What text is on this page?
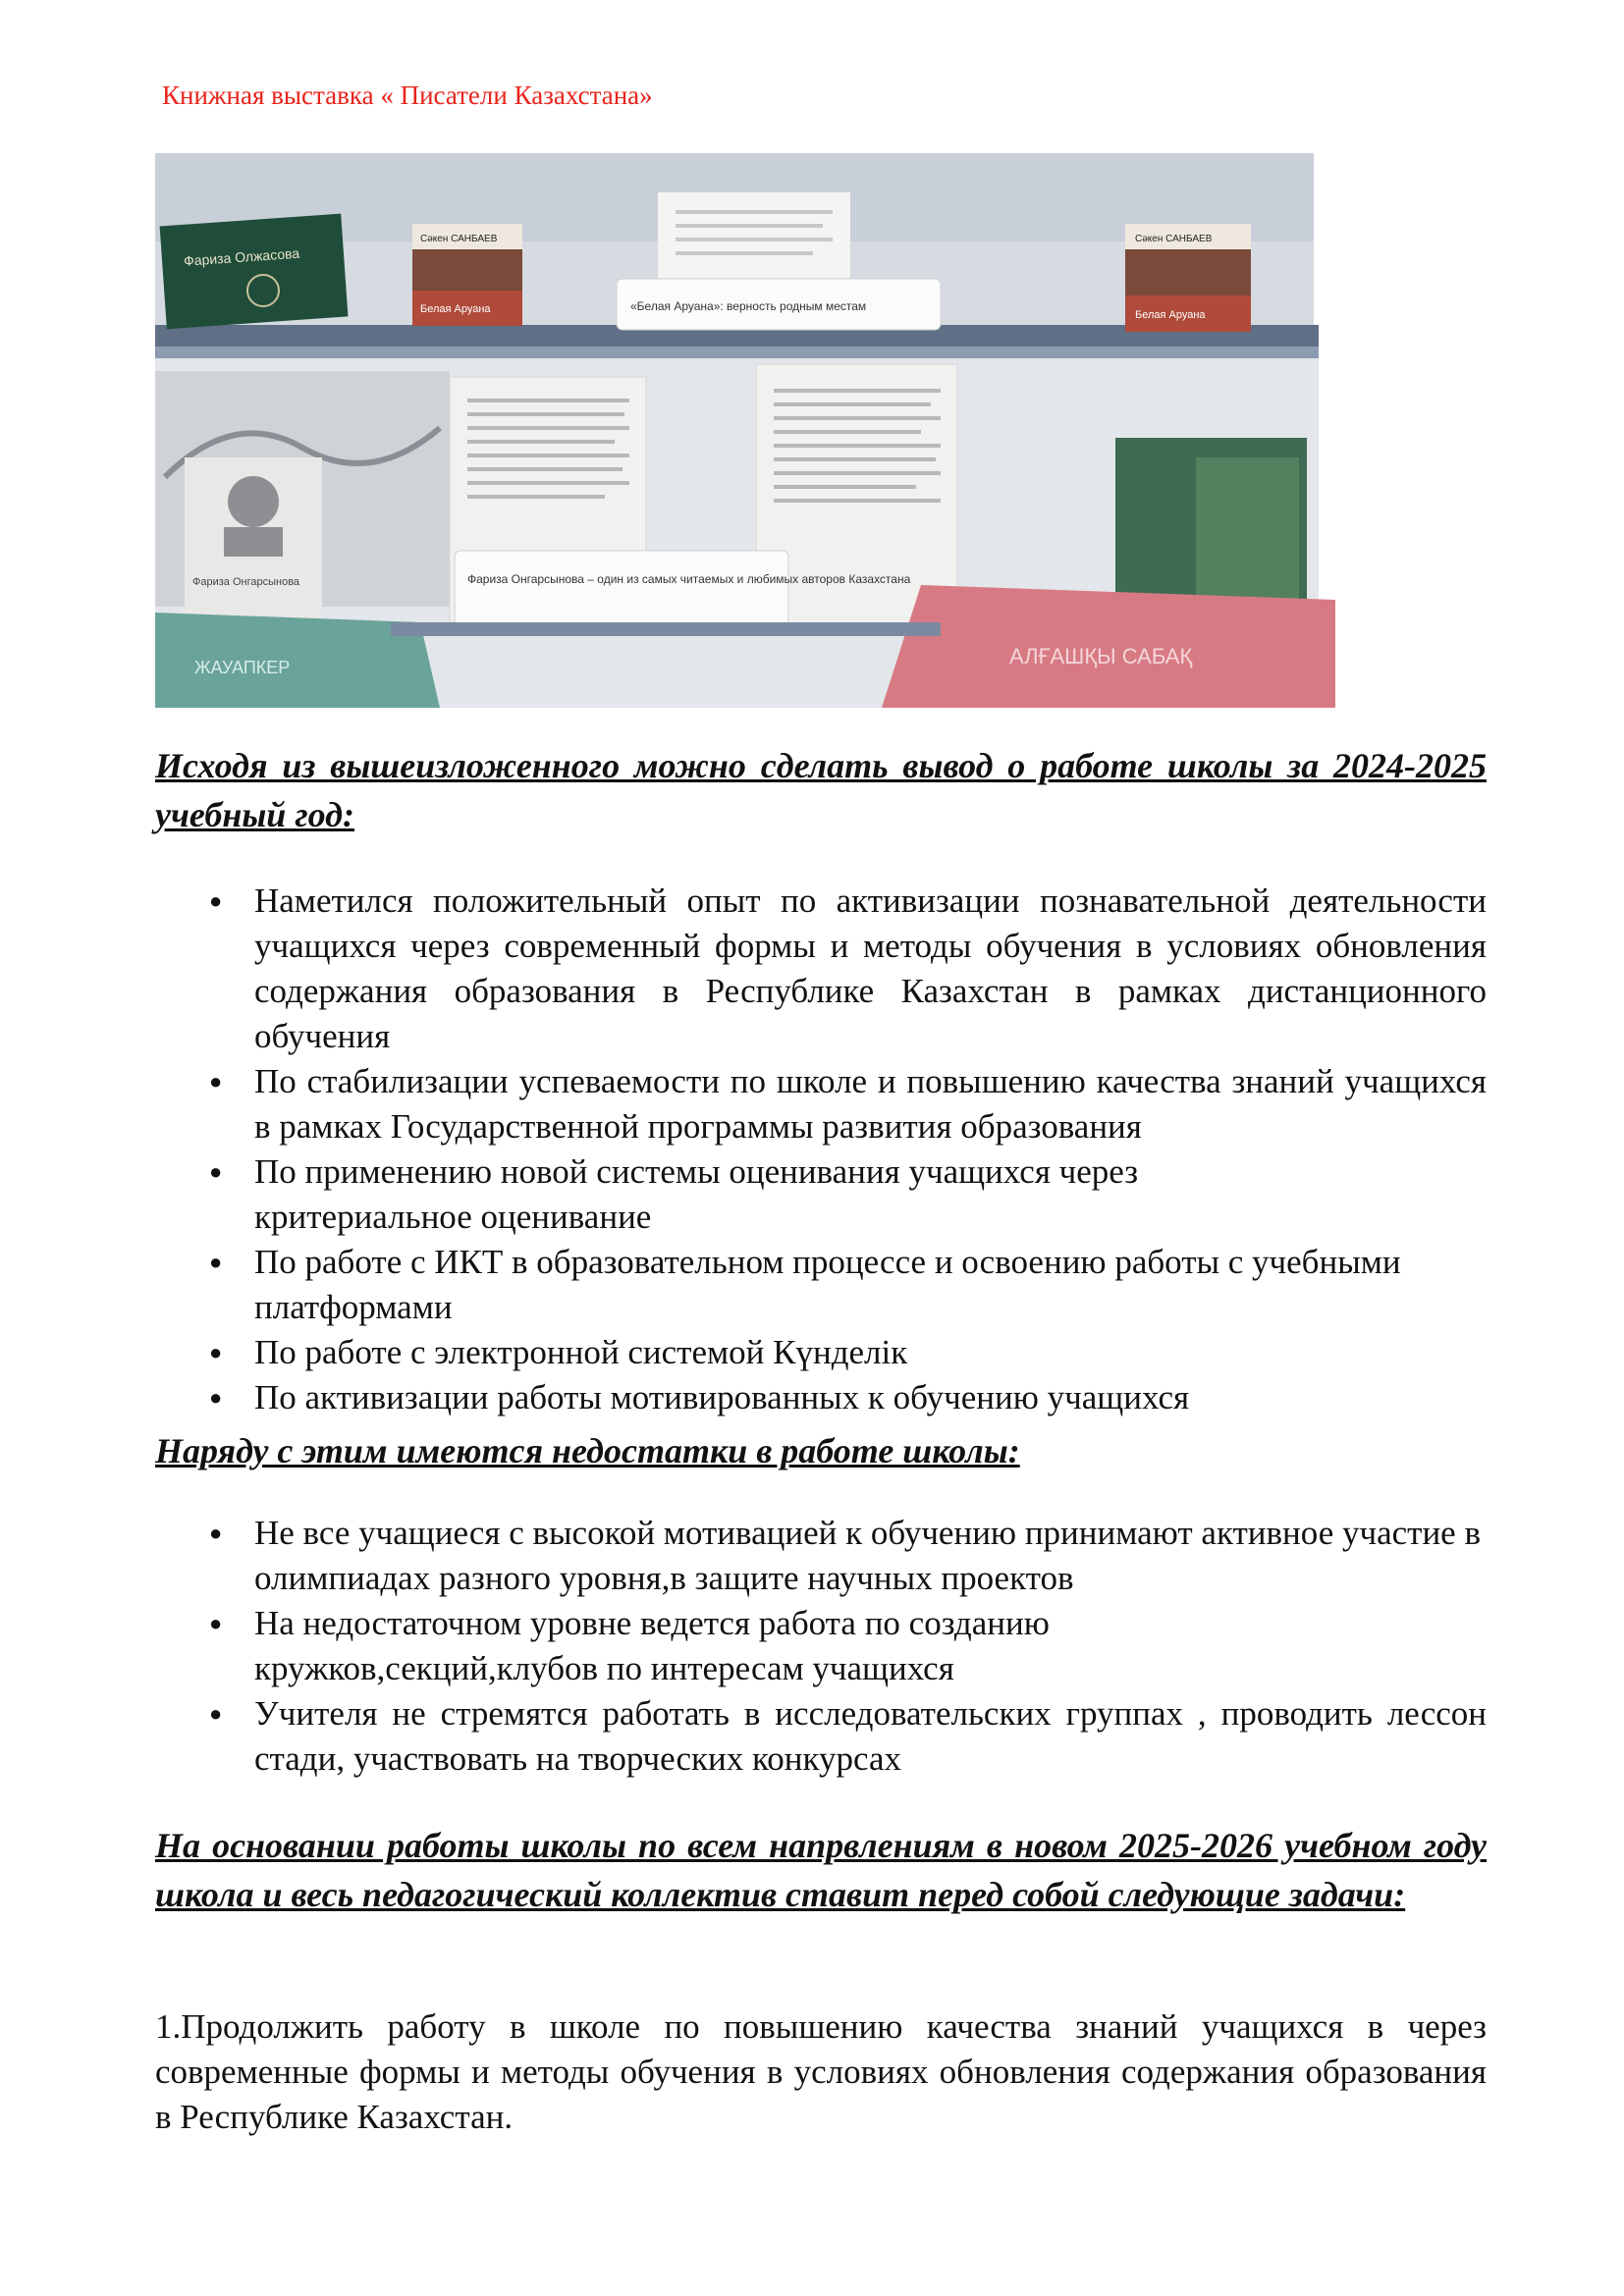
Книжная выставка « Писатели Казахстана»
Фариза Олжасова
Сәкен САНБАЕВ
Белая Аруана	«Белая Аруана»: верность родным местам
Сәкен САНБАЕВ
Белая Аруана
Фариза Онгарсынова	Фариза Онгарсынова – один из самых читаемых и любимых авторов Казахстана
АЛҒАШҚЫ САБАҚ
ЖАУАПКЕР
Исходя из вышеизложенного можно сделать вывод о работе школы за 2024-2025 учебный год:
● Наметился положительный опыт по активизации познавательной деятельности учащихся через современный формы и методы обучения в условиях обновления содержания образования в Республике Казахстан в рамках дистанционного обучения
● По стабилизации успеваемости по школе и повышению качества знаний учащихся в рамках Государственной программы развития образования
● По применению новой системы оценивания учащихся через критериальное оценивание
● По работе с ИКТ в образовательном процессе и освоению работы с учебными платформами
● По работе с электронной системой Күнделік
● По активизации работы мотивированных к обучению учащихся
Наряду с этим имеются недостатки в работе школы:
● Не все учащиеся с высокой мотивацией к обучению принимают активное участие в олимпиадах разного уровня,в защите научных проектов
● На недостаточном уровне ведется работа по созданию кружков,секций,клубов по интересам учащихся
● Учителя не стремятся работать в исследовательских группах , проводить лессон стади, участвовать на творческих конкурсах
На основании работы школы по всем напрвлениям в новом 2025-2026 учебном году школа и весь педагогический коллектив ставит перед собой следующие задачи:

1.Продолжить работу в школе по повышению качества знаний учащихся в через современные формы и методы обучения в условиях обновления содержания образования в Республике Казахстан.
